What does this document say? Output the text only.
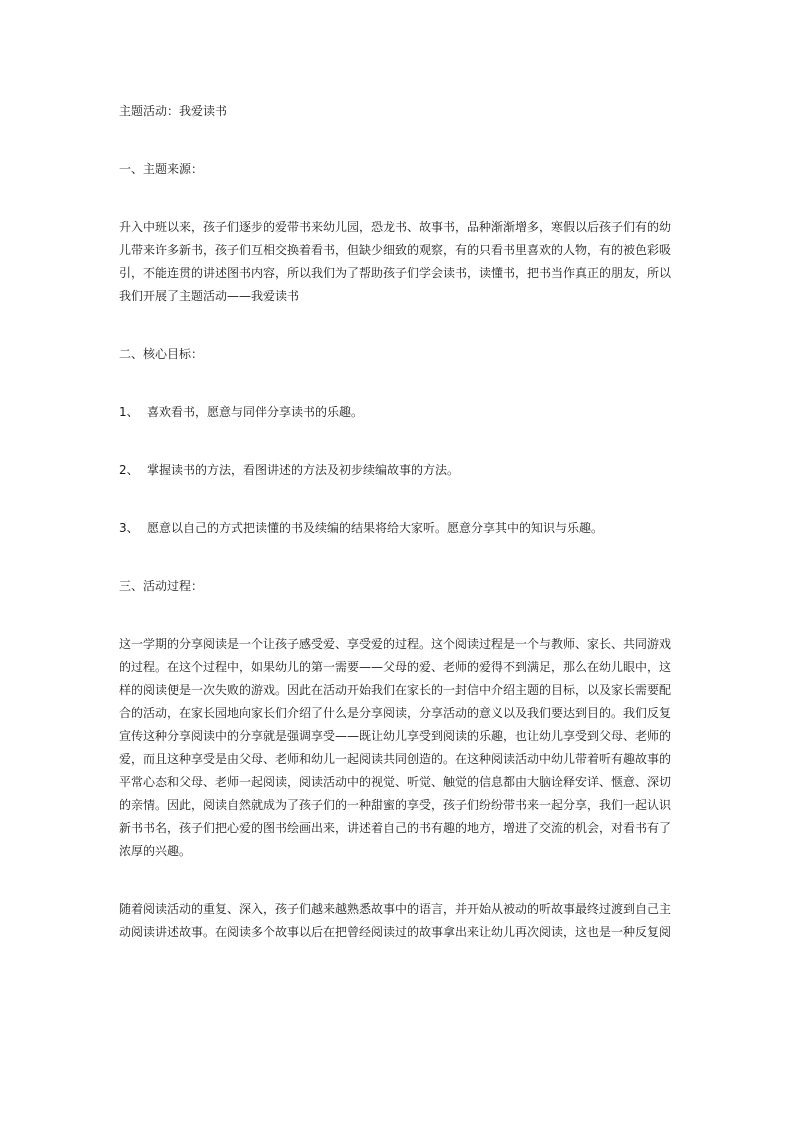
主题活动：我爱读书
一、主题来源：
升入中班以来，孩子们逐步的爱带书来幼儿园，恐龙书、故事书，品种渐渐增多，寒假以后孩子们有的幼
儿带来许多新书，孩子们互相交换着看书，但缺少细致的观察，有的只看书里喜欢的人物，有的被色彩吸
引，不能连贯的讲述图书内容，所以我们为了帮助孩子们学会读书，读懂书，把书当作真正的朋友，所以
我们开展了主题活动——我爱读书
二、核心目标：
1、 喜欢看书，愿意与同伴分享读书的乐趣。
2、 掌握读书的方法，看图讲述的方法及初步续编故事的方法。
3、 愿意以自己的方式把读懂的书及续编的结果将给大家听。愿意分享其中的知识与乐趣。
三、活动过程：
这一学期的分享阅读是一个让孩子感受爱、享受爱的过程。这个阅读过程是一个与教师、家长、共同游戏
的过程。在这个过程中，如果幼儿的第一需要——父母的爱、老师的爱得不到满足，那么在幼儿眼中，这
样的阅读便是一次失败的游戏。因此在活动开始我们在家长的一封信中介绍主题的目标，以及家长需要配
合的活动，在家长园地向家长们介绍了什么是分享阅读，分享活动的意义以及我们要达到目的。我们反复
宣传这种分享阅读中的分享就是强调享受——既让幼儿享受到阅读的乐趣，也让幼儿享受到父母、老师的
爱，而且这种享受是由父母、老师和幼儿一起阅读共同创造的。在这种阅读活动中幼儿带着听有趣故事的
平常心态和父母、老师一起阅读，阅读活动中的视觉、听觉、触觉的信息都由大脑诠释安详、惬意、深切
的亲情。因此，阅读自然就成为了孩子们的一种甜蜜的享受，孩子们纷纷带书来一起分享，我们一起认识
新书书名，孩子们把心爱的图书绘画出来，讲述着自己的书有趣的地方，增进了交流的机会，对看书有了
浓厚的兴趣。
随着阅读活动的重复、深入，孩子们越来越熟悉故事中的语言，并开始从被动的听故事最终过渡到自己主
动阅读讲述故事。在阅读多个故事以后在把曾经阅读过的故事拿出来让幼儿再次阅读，这也是一种反复阅
